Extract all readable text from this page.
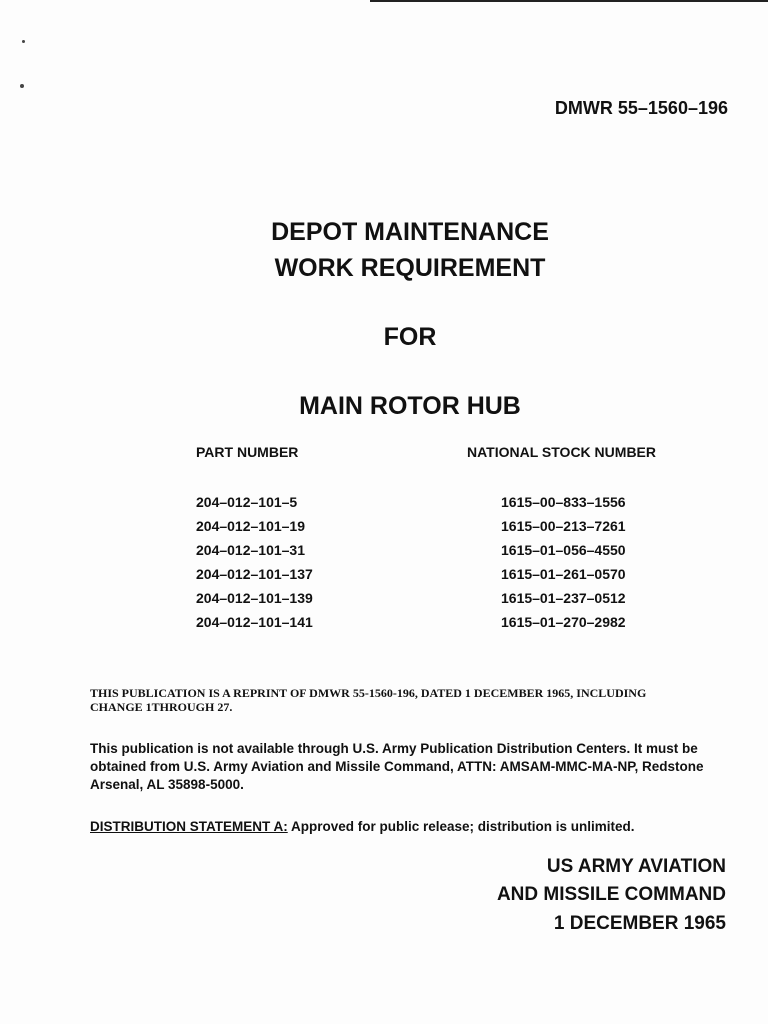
DMWR 55–1560–196
DEPOT MAINTENANCE
WORK REQUIREMENT
FOR
MAIN ROTOR HUB
PART NUMBER	NATIONAL STOCK NUMBER
204–012–101–5
204–012–101–19
204–012–101–31
204–012–101–137
204–012–101–139
204–012–101–141
1615–00–833–1556
1615–00–213–7261
1615–01–056–4550
1615–01–261–0570
1615–01–237–0512
1615–01–270–2982
THIS PUBLICATION IS A REPRINT OF DMWR 55-1560-196, DATED 1 DECEMBER 1965, INCLUDING CHANGE 1THROUGH 27.
This publication is not available through U.S. Army Publication Distribution Centers. It must be obtained from U.S. Army Aviation and Missile Command, ATTN: AMSAM-MMC-MA-NP, Redstone Arsenal, AL 35898-5000.
DISTRIBUTION STATEMENT A: Approved for public release; distribution is unlimited.
US ARMY AVIATION
AND MISSILE COMMAND
1 DECEMBER 1965
